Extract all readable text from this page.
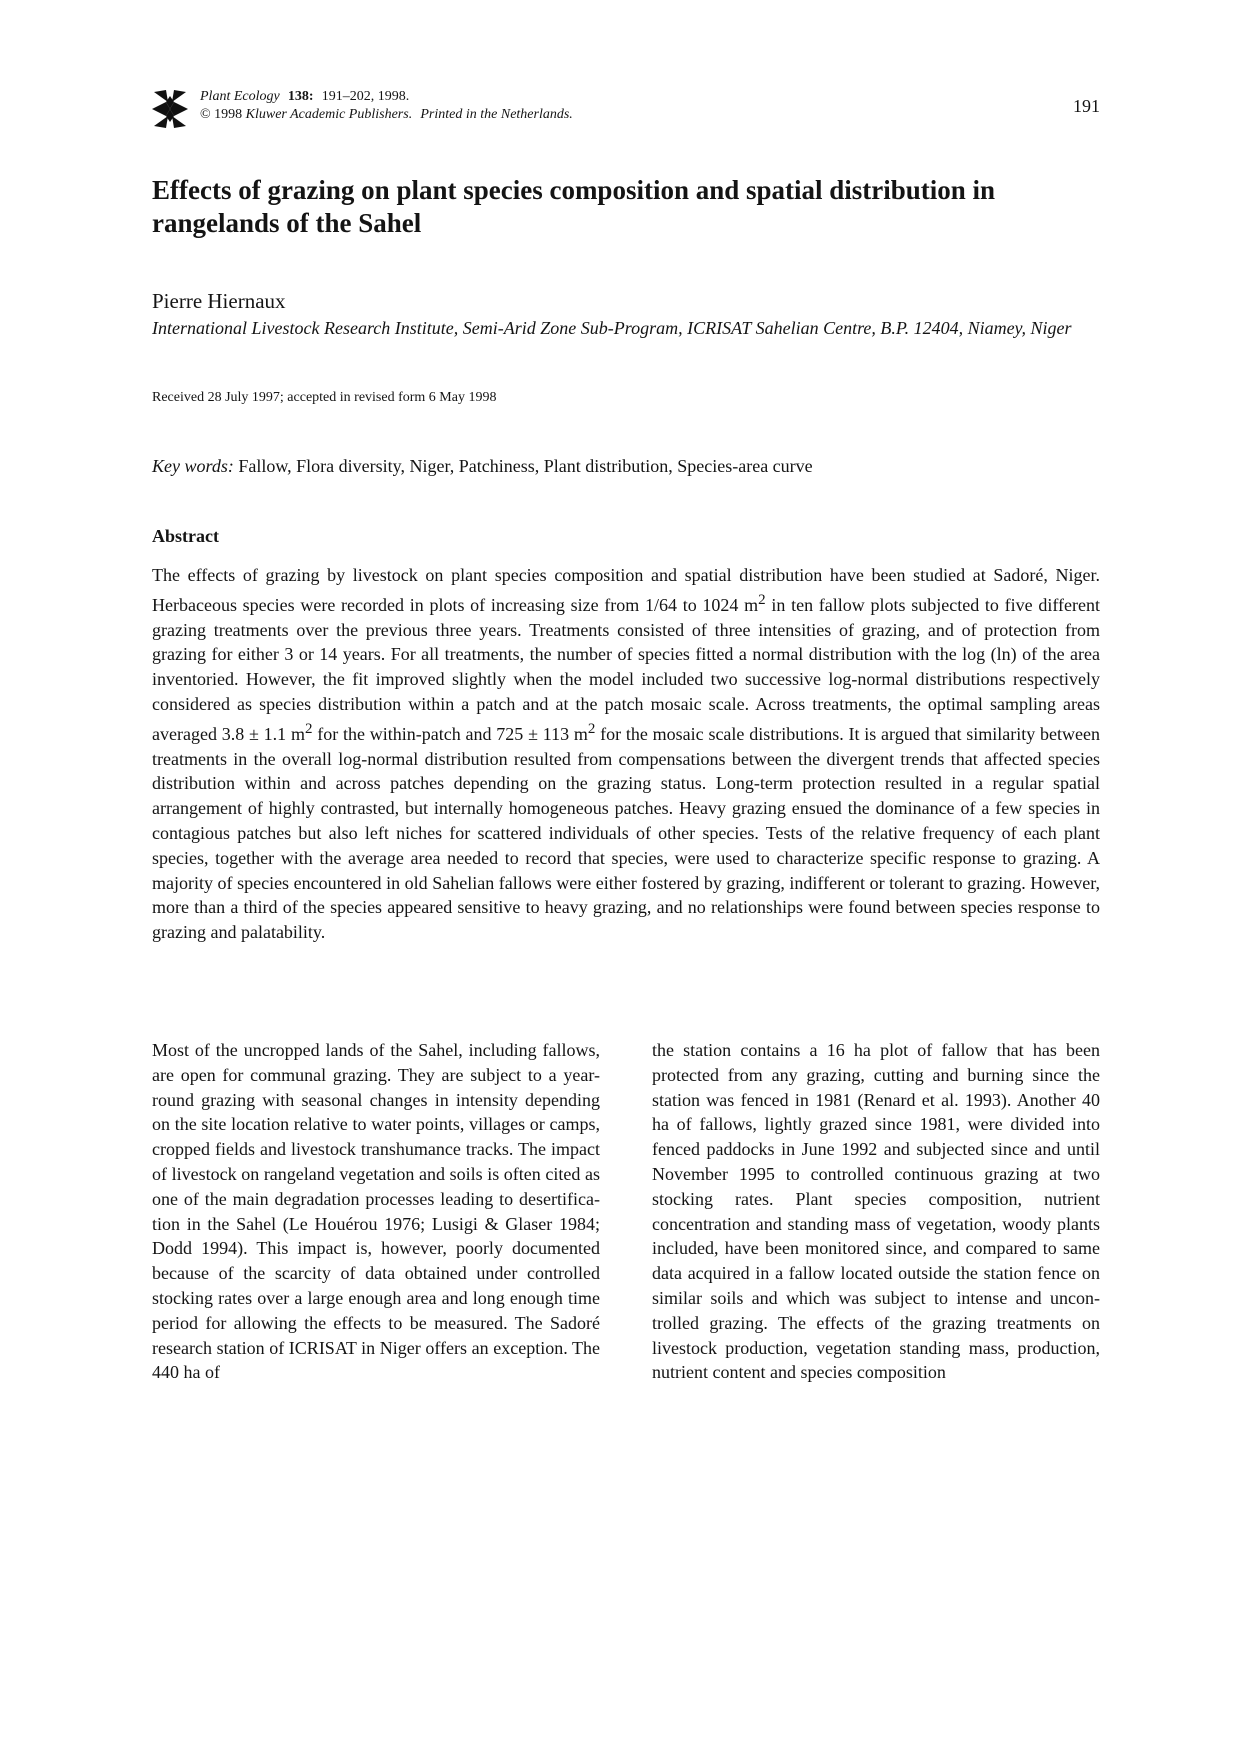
Plant Ecology   138:   191–202, 1998.
© 1998 Kluwer Academic Publishers.   Printed in the Netherlands.	191
Effects of grazing on plant species composition and spatial distribution in rangelands of the Sahel
Pierre Hiernaux
International Livestock Research Institute, Semi-Arid Zone Sub-Program, ICRISAT Sahelian Centre, B.P. 12404, Niamey, Niger
Received 28 July 1997; accepted in revised form 6 May 1998
Key words: Fallow, Flora diversity, Niger, Patchiness, Plant distribution, Species-area curve
Abstract

The effects of grazing by livestock on plant species composition and spatial distribution have been studied at Sadoré, Niger. Herbaceous species were recorded in plots of increasing size from 1/64 to 1024 $m^2$ in ten fallow plots subjected to five different grazing treatments over the previous three years. Treatments consisted of three intensities of grazing, and of protection from grazing for either 3 or 14 years. For all treatments, the number of species fitted a normal distribution with the log (ln) of the area inventoried. However, the fit improved slightly when the model included two successive log-normal distributions respectively considered as species distribution within a patch and at the patch mosaic scale. Across treatments, the optimal sampling areas averaged 3.8 ± 1.1 $m^2$ for the within-patch and 725 ± 113 $m^2$ for the mosaic scale distributions. It is argued that similarity between treatments in the overall log-normal distribution resulted from compensations between the divergent trends that affected species distribution within and across patches depending on the grazing status. Long-term protection resulted in a regular spatial arrangement of highly contrasted, but internally homogeneous patches. Heavy grazing ensued the dominance of a few species in contagious patches but also left niches for scattered individuals of other species. Tests of the relative frequency of each plant species, together with the average area needed to record that species, were used to characterize specific response to grazing. A majority of species encountered in old Sahelian fallows were either fostered by grazing, indifferent or tolerant to grazing. However, more than a third of the species appeared sensitive to heavy grazing, and no relationships were found between species response to grazing and palatability.

Most of the uncropped lands of the Sahel, including fallows, are open for communal grazing. They are subject to a year-round grazing with seasonal changes in intensity depending on the site location relative to water points, villages or camps, cropped fields and livestock transhumance tracks. The impact of livestock on rangeland vegetation and soils is often cited as one of the main degradation processes leading to desertification in the Sahel (Le Houérou 1976; Lusigi & Glaser 1984; Dodd 1994). This impact is, however, poorly documented because of the scarcity of data obtained under controlled stocking rates over a large enough area and long enough time period for allowing the effects to be measured. The Sadoré research station of ICRISAT in Niger offers an exception. The 440 ha of

the station contains a 16 ha plot of fallow that has been protected from any grazing, cutting and burning since the station was fenced in 1981 (Renard et al. 1993). Another 40 ha of fallows, lightly grazed since 1981, were divided into fenced paddocks in June 1992 and subjected since and until November 1995 to controlled continuous grazing at two stocking rates. Plant species composition, nutrient concentration and standing mass of vegetation, woody plants included, have been monitored since, and compared to same data acquired in a fallow located outside the station fence on similar soils and which was subject to intense and uncontrolled grazing. The effects of the grazing treatments on livestock production, vegetation standing mass, production, nutrient content and species composition
